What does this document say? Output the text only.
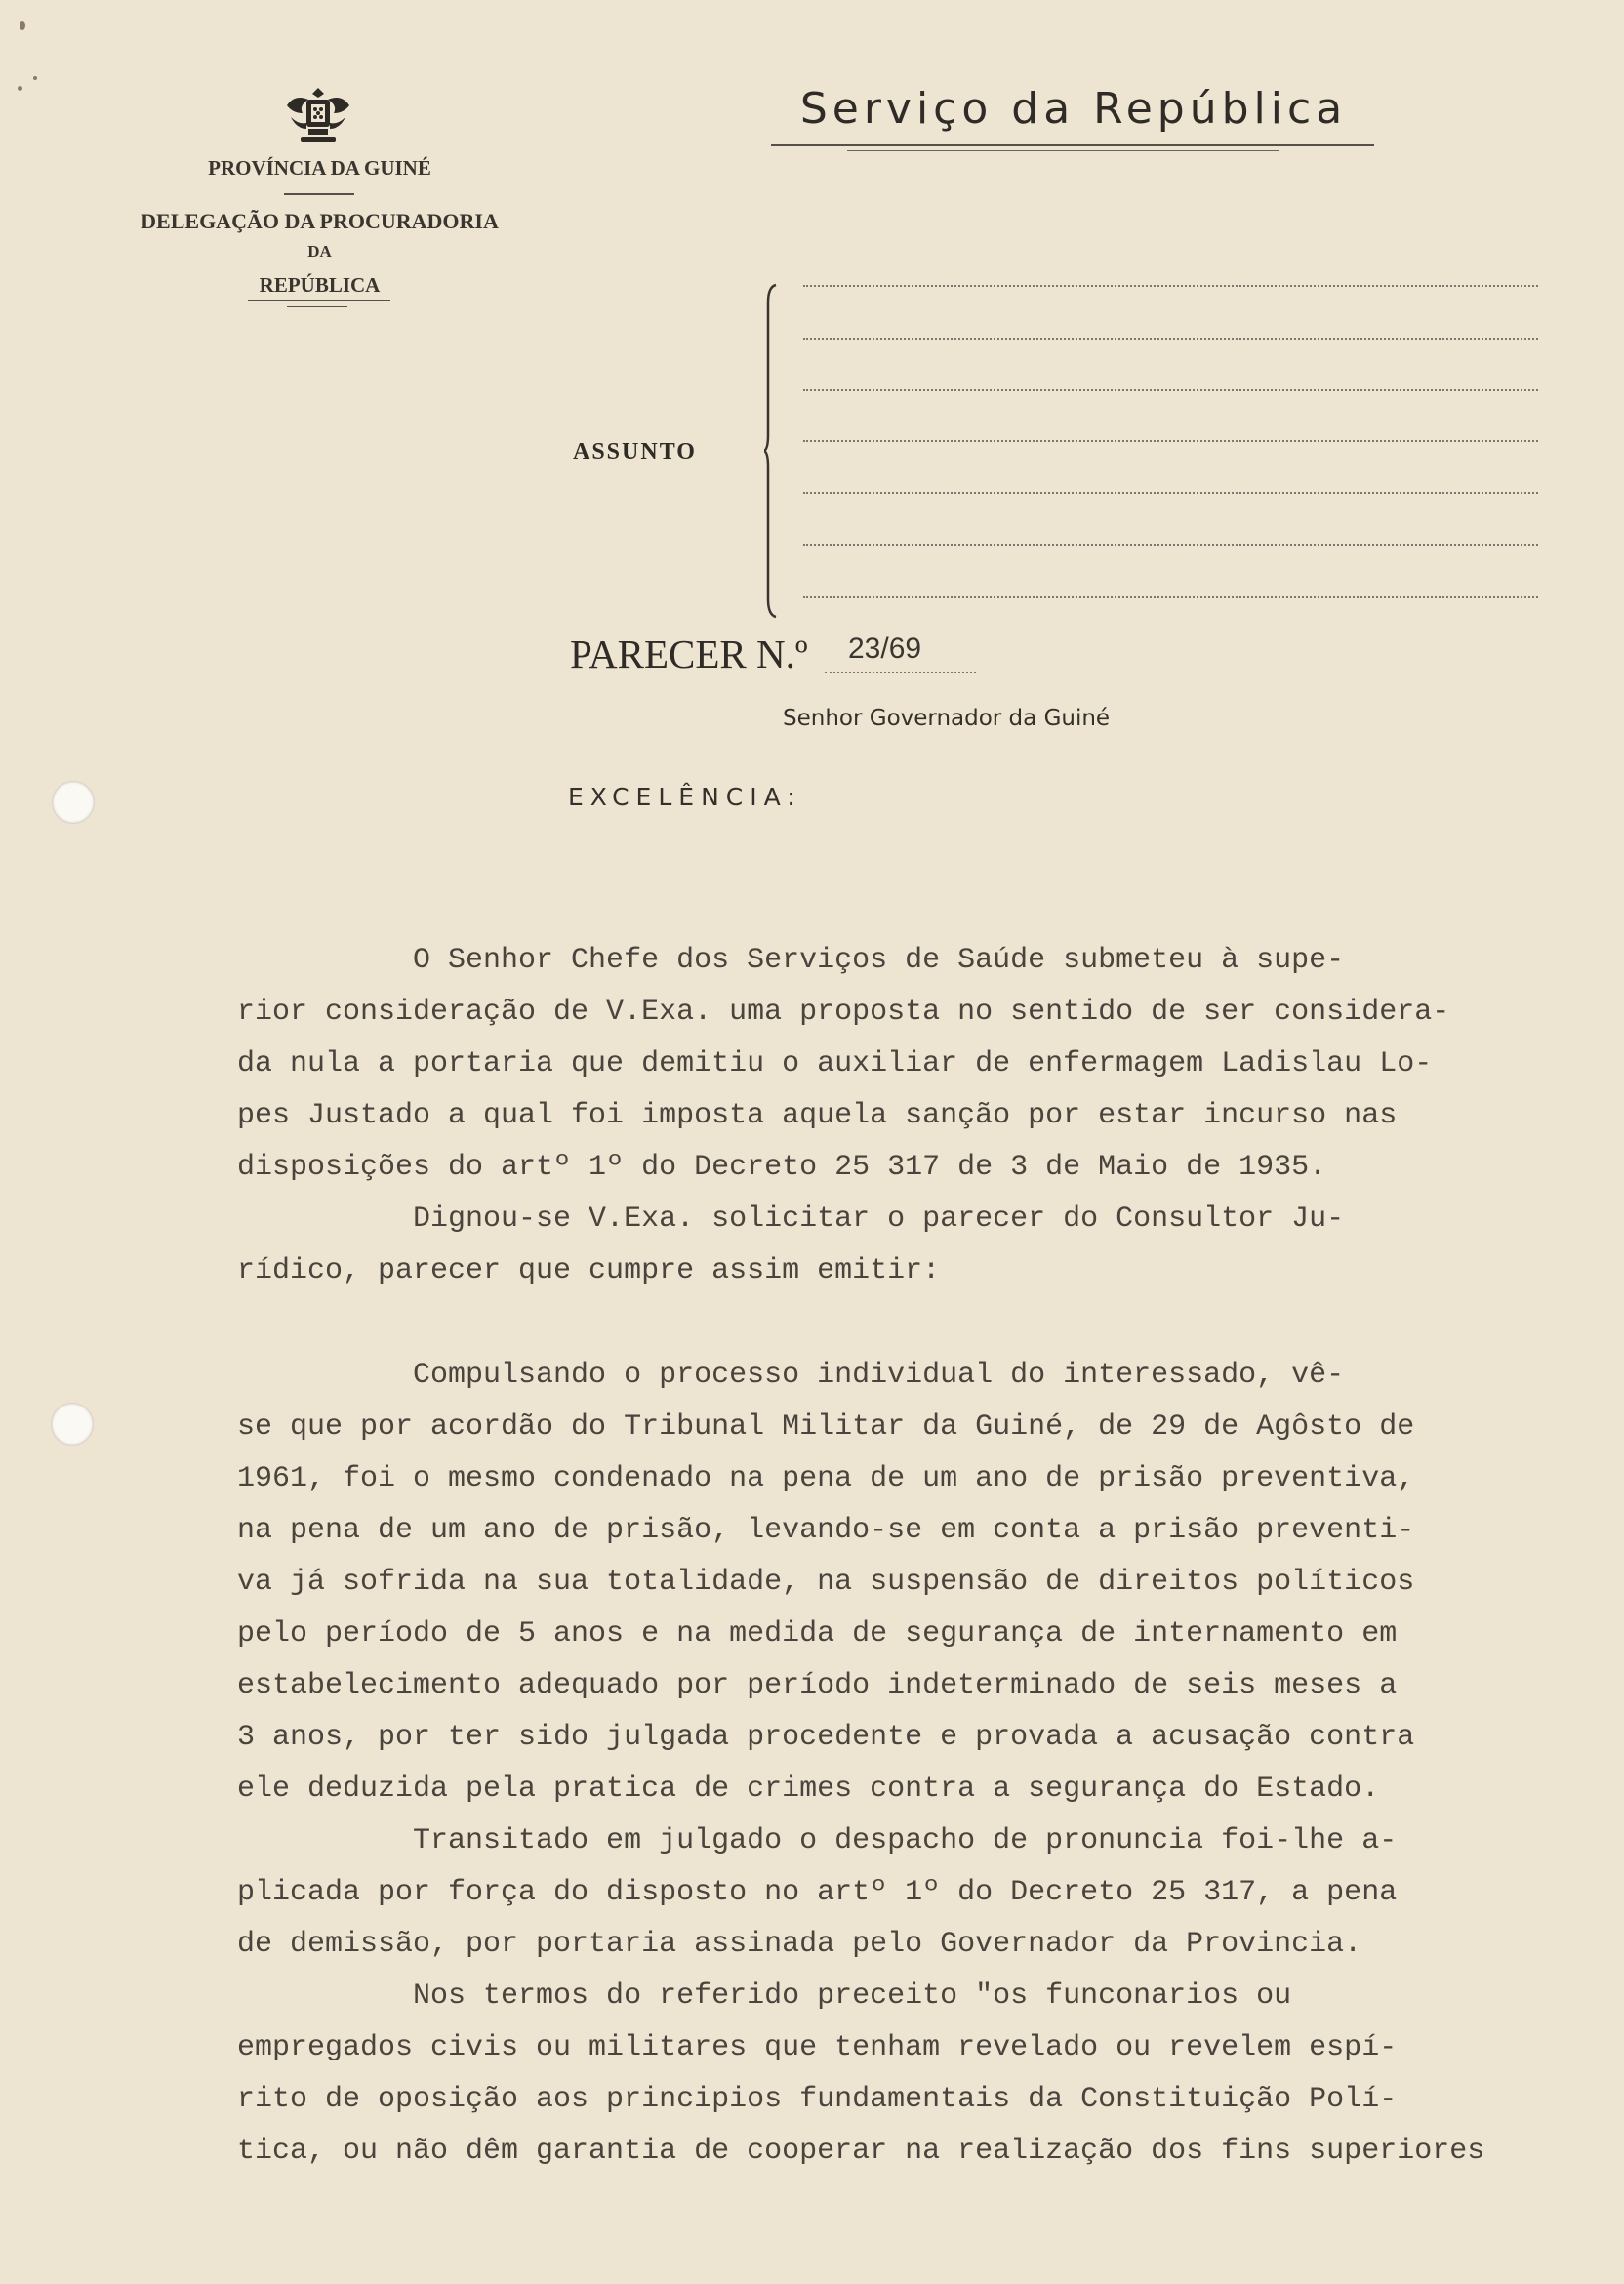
PROVÍNCIA DA GUINÉ
DELEGAÇÃO DA PROCURADORIA
DA
REPÚBLICA
Serviço da República
ASSUNTO
PARECER N.º 23/69
Senhor Governador da Guiné
EXCELÊNCIA:
O Senhor Chefe dos Serviços de Saúde submeteu à supe-
rior consideração de V.Exa. uma proposta no sentido de ser considera-
da nula a portaria que demitiu o auxiliar de enfermagem Ladislau Lo-
pes Justado a qual foi imposta aquela sanção por estar incurso nas
disposições do artº 1º do Decreto 25 317 de 3 de Maio de 1935.
Dignou-se V.Exa. solicitar o parecer do Consultor Ju-
rídico, parecer que cumpre assim emitir:
Compulsando o processo individual do interessado, vê-
se que por acordão do Tribunal Militar da Guiné, de 29 de Agôsto de
1961, foi o mesmo condenado na pena de um ano de prisão preventiva,
na pena de um ano de prisão, levando-se em conta a prisão preventi-
va já sofrida na sua totalidade, na suspensão de direitos políticos
pelo período de 5 anos e na medida de segurança de internamento em
estabelecimento adequado por período indeterminado de seis meses a
3 anos, por ter sido julgada procedente e provada a acusação contra
ele deduzida pela pratica de crimes contra a segurança do Estado.
Transitado em julgado o despacho de pronuncia foi-lhe a-
plicada por força do disposto no artº 1º do Decreto 25 317, a pena
de demissão, por portaria assinada pelo Governador da Provincia.
Nos termos do referido preceito "os funconarios ou
empregados civis ou militares que tenham revelado ou revelem espí-
rito de oposição aos principios fundamentais da Constituição Polí-
tica, ou não dêm garantia de cooperar na realização dos fins superiores
